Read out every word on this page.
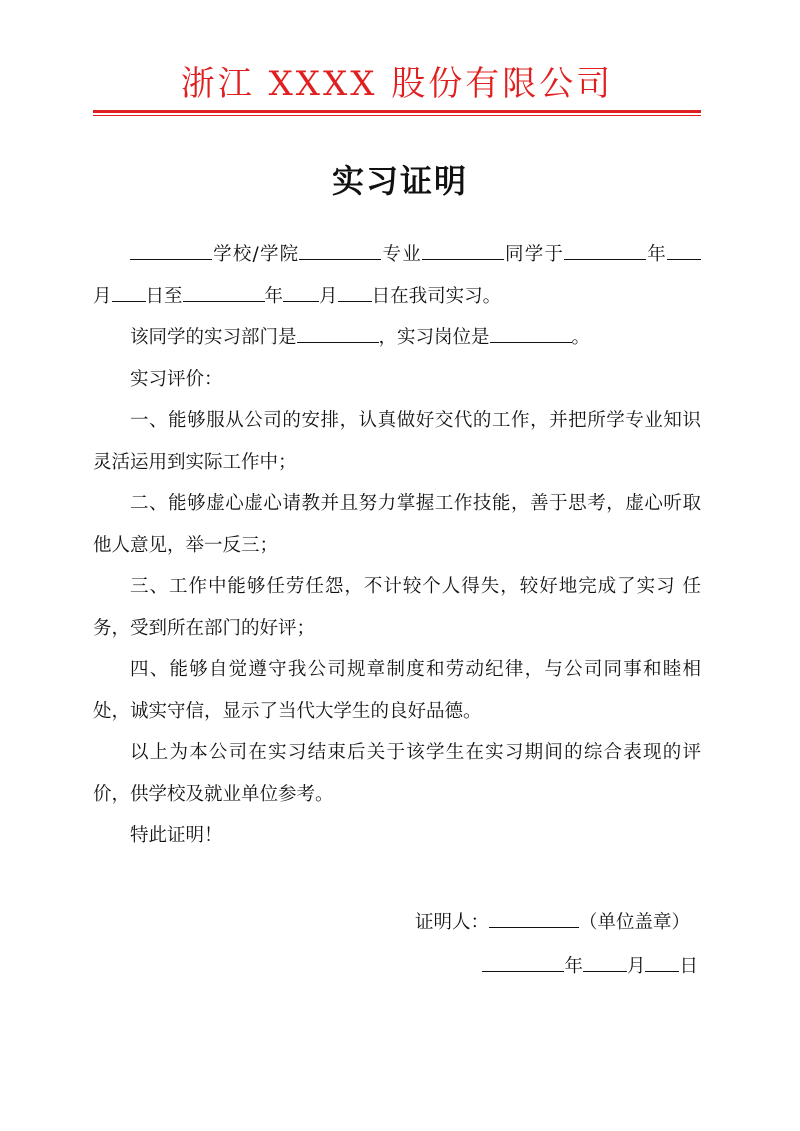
浙江 XXXX 股份有限公司
实习证明

学校/学院	专业	同学于	年月 日至	年 月 日在我司实习。

该同学的实习部门是	，实习岗位是	。

实习评价：

一、能够服从公司的安排，认真做好交代的工作，并把所学专业知识灵活运用到实际工作中；

二、能够虚心虚心请教并且努力掌握工作技能，善于思考，虚心听取他人意见，举一反三；

三、工作中能够任劳任怨，不计较个人得失，较好地完成了实习 任务，受到所在部门的好评；

四、能够自觉遵守我公司规章制度和劳动纪律，与公司同事和睦相处，诚实守信，显示了当代大学生的良好品德。

以上为本公司在实习结束后关于该学生在实习期间的综合表现的评价，供学校及就业单位参考。

特此证明！

证明人：	（单位盖章）
年 月 日
